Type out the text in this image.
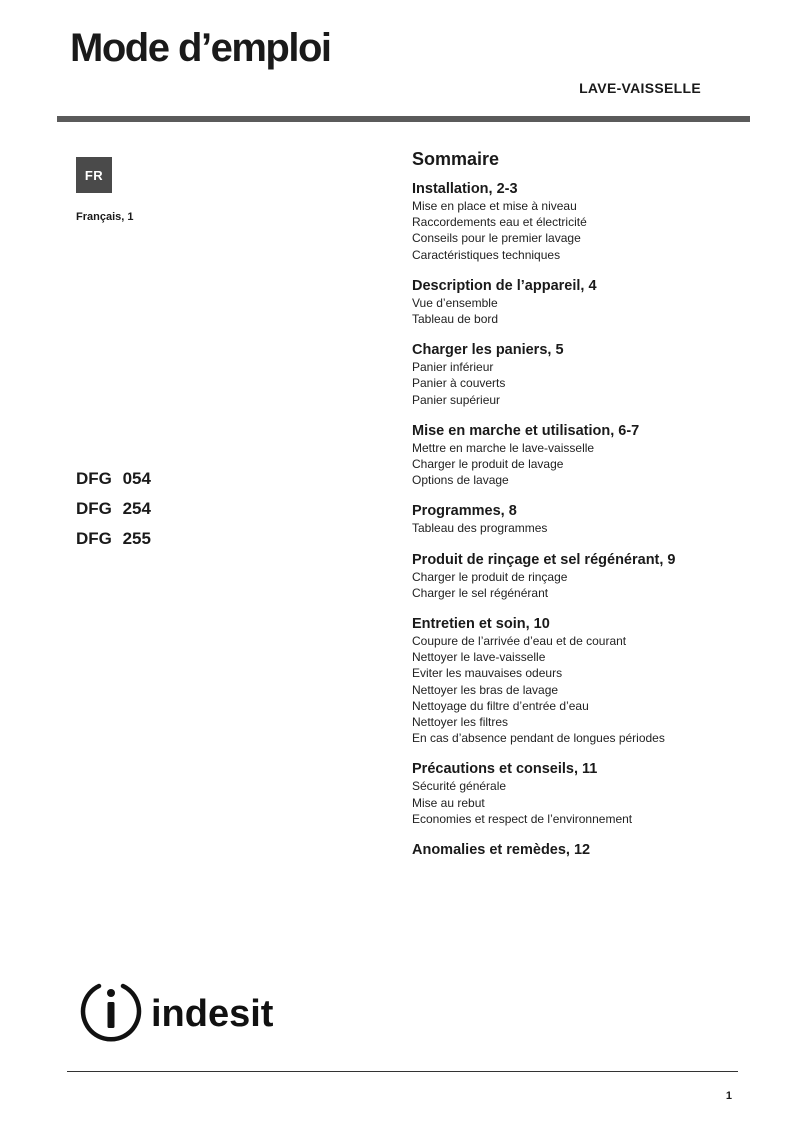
Mode d’emploi
LAVE-VAISSELLE
FR
Français, 1
DFG 054
DFG 254
DFG 255
Sommaire
Installation, 2-3
Mise en place et mise à niveau
Raccordements eau et électricité
Conseils pour le premier lavage
Caractéristiques techniques
Description de l’appareil, 4
Vue d’ensemble
Tableau de bord
Charger les paniers, 5
Panier inférieur
Panier à couverts
Panier supérieur
Mise en marche et utilisation, 6-7
Mettre en marche le lave-vaisselle
Charger le produit de lavage
Options de lavage
Programmes, 8
Tableau des programmes
Produit de rinçage et sel régénérant, 9
Charger le produit de rinçage
Charger le sel régénérant
Entretien et soin, 10
Coupure de l’arrivée d’eau et de courant
Nettoyer le lave-vaisselle
Eviter les mauvaises odeurs
Nettoyer les bras de lavage
Nettoyage du filtre d’entrée d’eau
Nettoyer les filtres
En cas d’absence pendant de longues périodes
Précautions et conseils, 11
Sécurité générale
Mise au rebut
Economies et respect de l’environnement
Anomalies et remèdes, 12
indesit
1
